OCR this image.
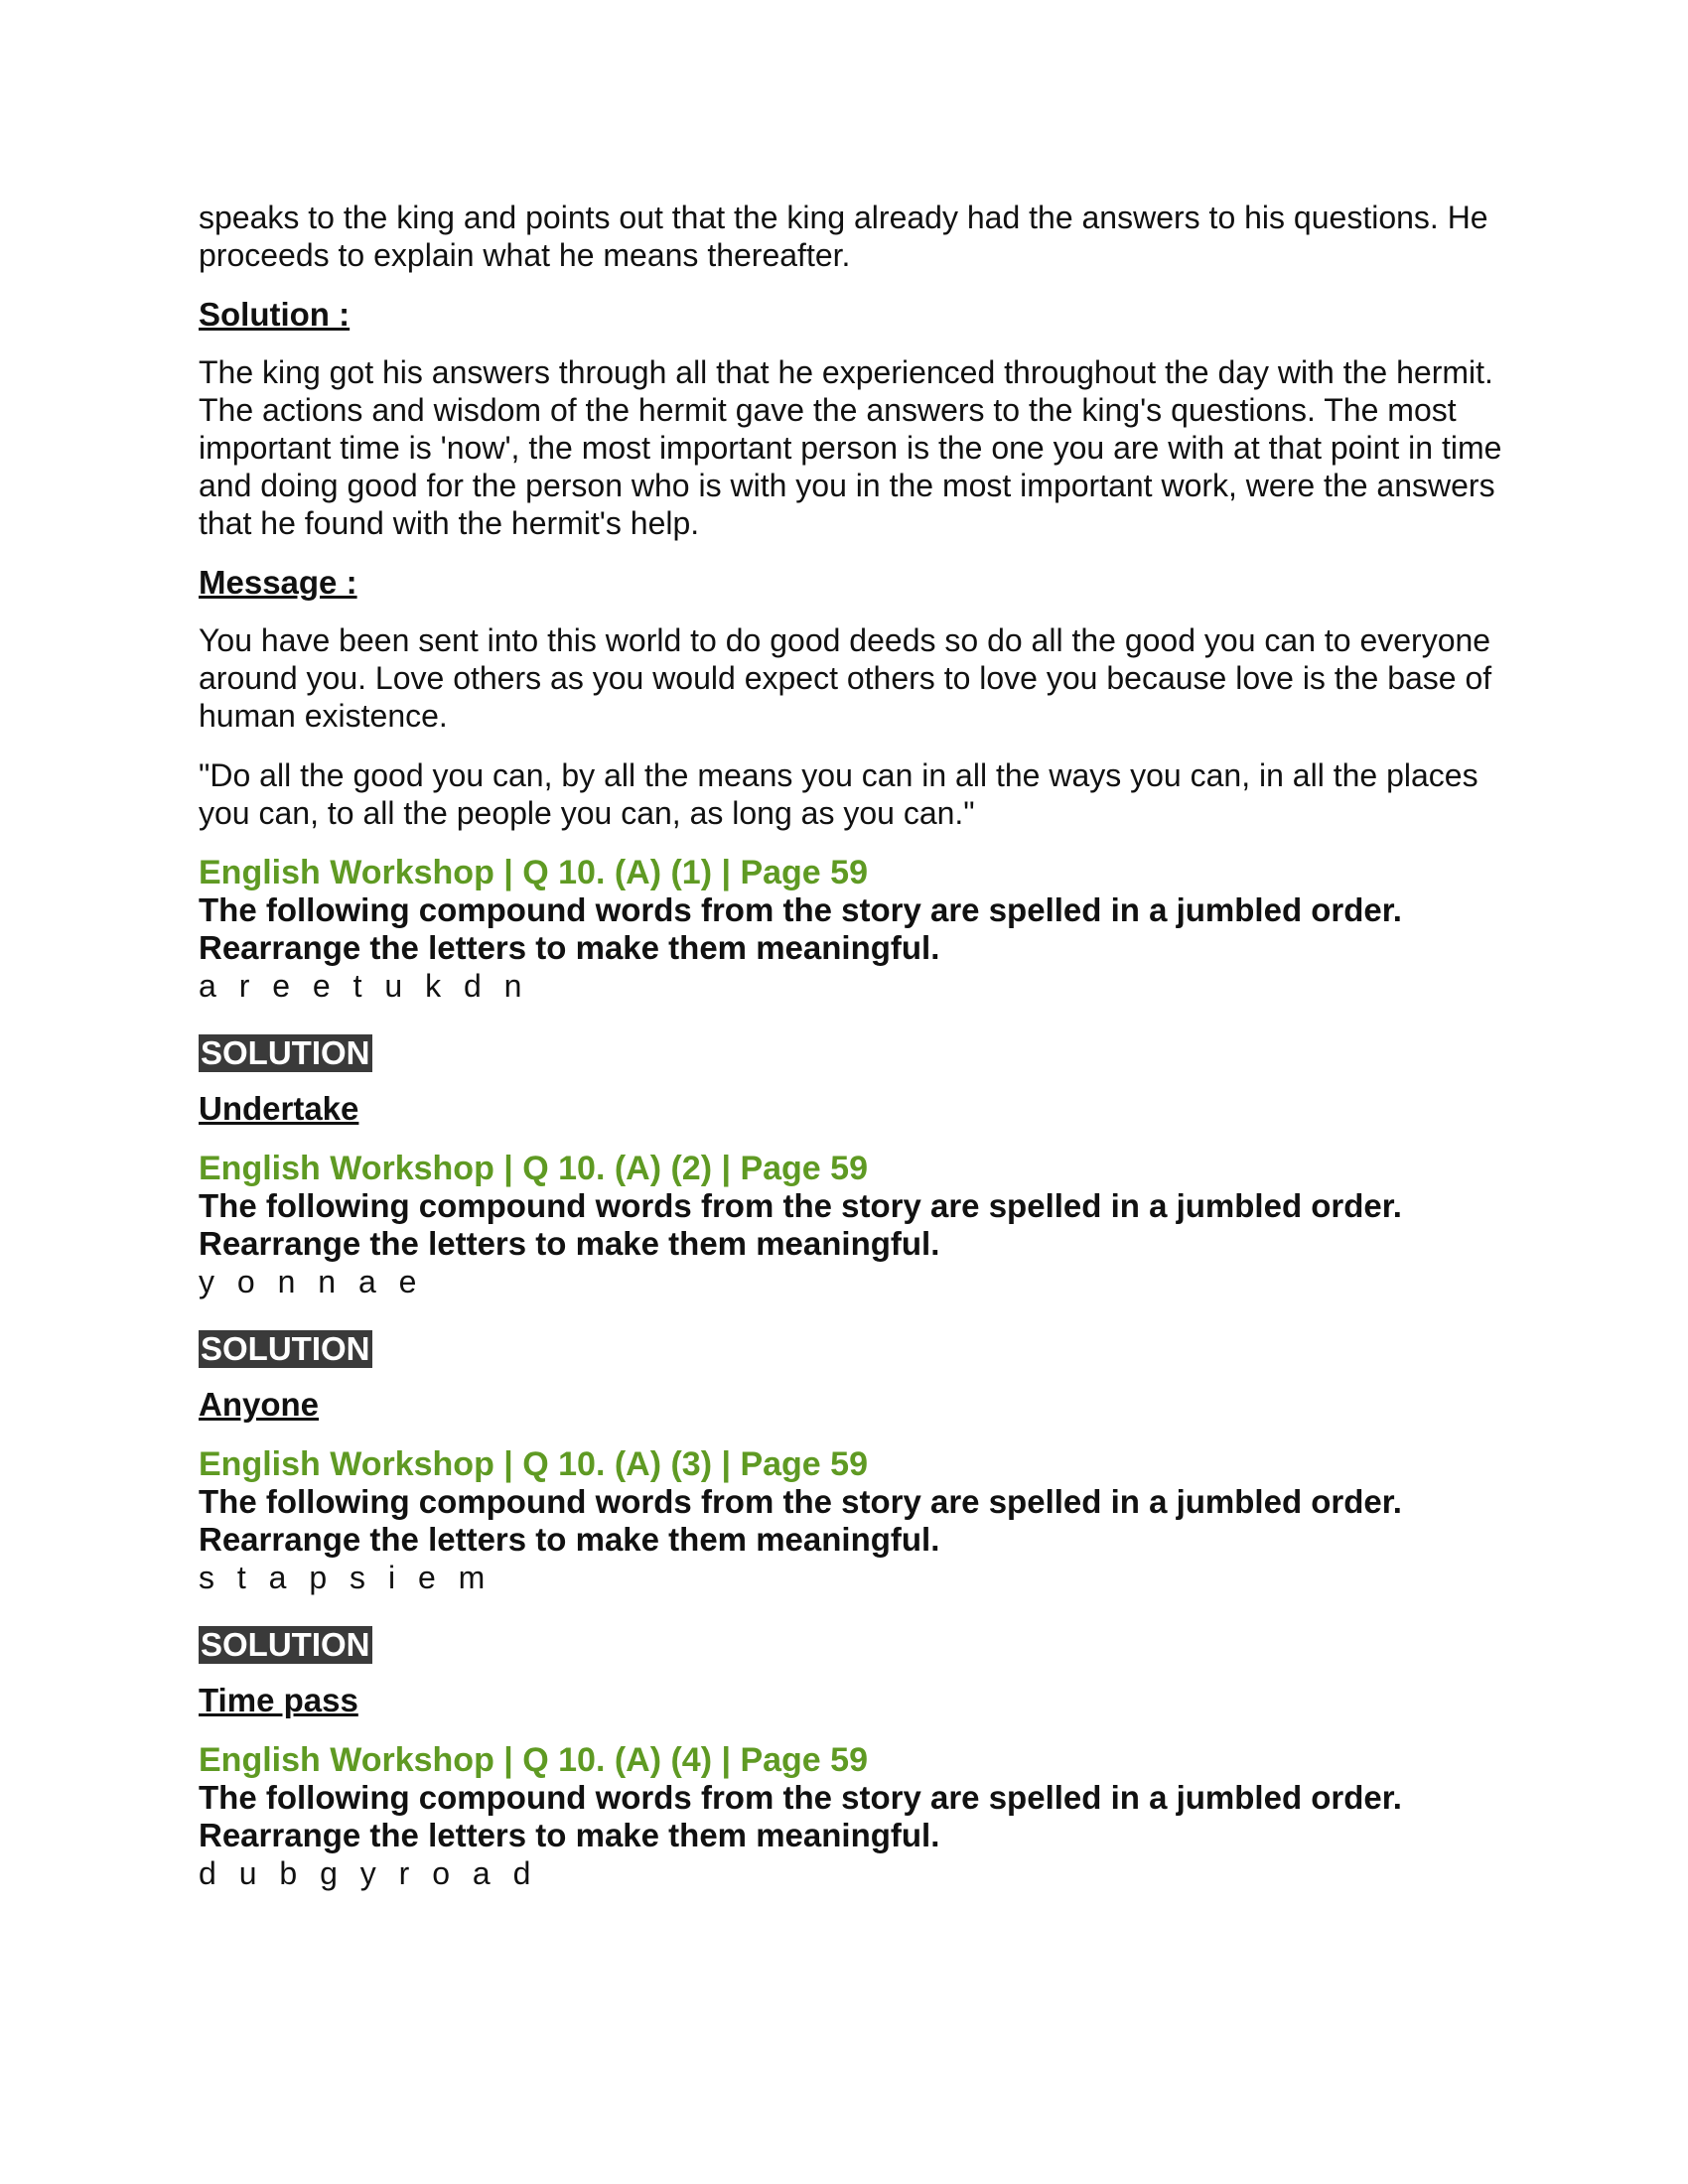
speaks to the king and points out that the king already had the answers to his questions. He proceeds to explain what he means thereafter.

Solution :

The king got his answers through all that he experienced throughout the day with the hermit. The actions and wisdom of the hermit gave the answers to the king's questions. The most important time is 'now', the most important person is the one you are with at that point in time and doing good for the person who is with you in the most important work, were the answers that he found with the hermit's help.

Message :

You have been sent into this world to do good deeds so do all the good you can to everyone around you. Love others as you would expect others to love you because love is the base of human existence.

"Do all the good you can, by all the means you can in all the ways you can, in all the places you can, to all the people you can, as long as you can."

English Workshop | Q 10. (A) (1) | Page 59

The following compound words from the story are spelled in a jumbled order.

Rearrange the letters to make them meaningful.

a r e e t u k d n

SOLUTION
Undertake

English Workshop | Q 10. (A) (2) | Page 59

The following compound words from the story are spelled in a jumbled order.

Rearrange the letters to make them meaningful.

y o n n a e

SOLUTION
Anyone

English Workshop | Q 10. (A) (3) | Page 59

The following compound words from the story are spelled in a jumbled order.

Rearrange the letters to make them meaningful.

s t a p s i e m

SOLUTION
Time pass

English Workshop | Q 10. (A) (4) | Page 59

The following compound words from the story are spelled in a jumbled order.

Rearrange the letters to make them meaningful.

d u b g y r o a d
